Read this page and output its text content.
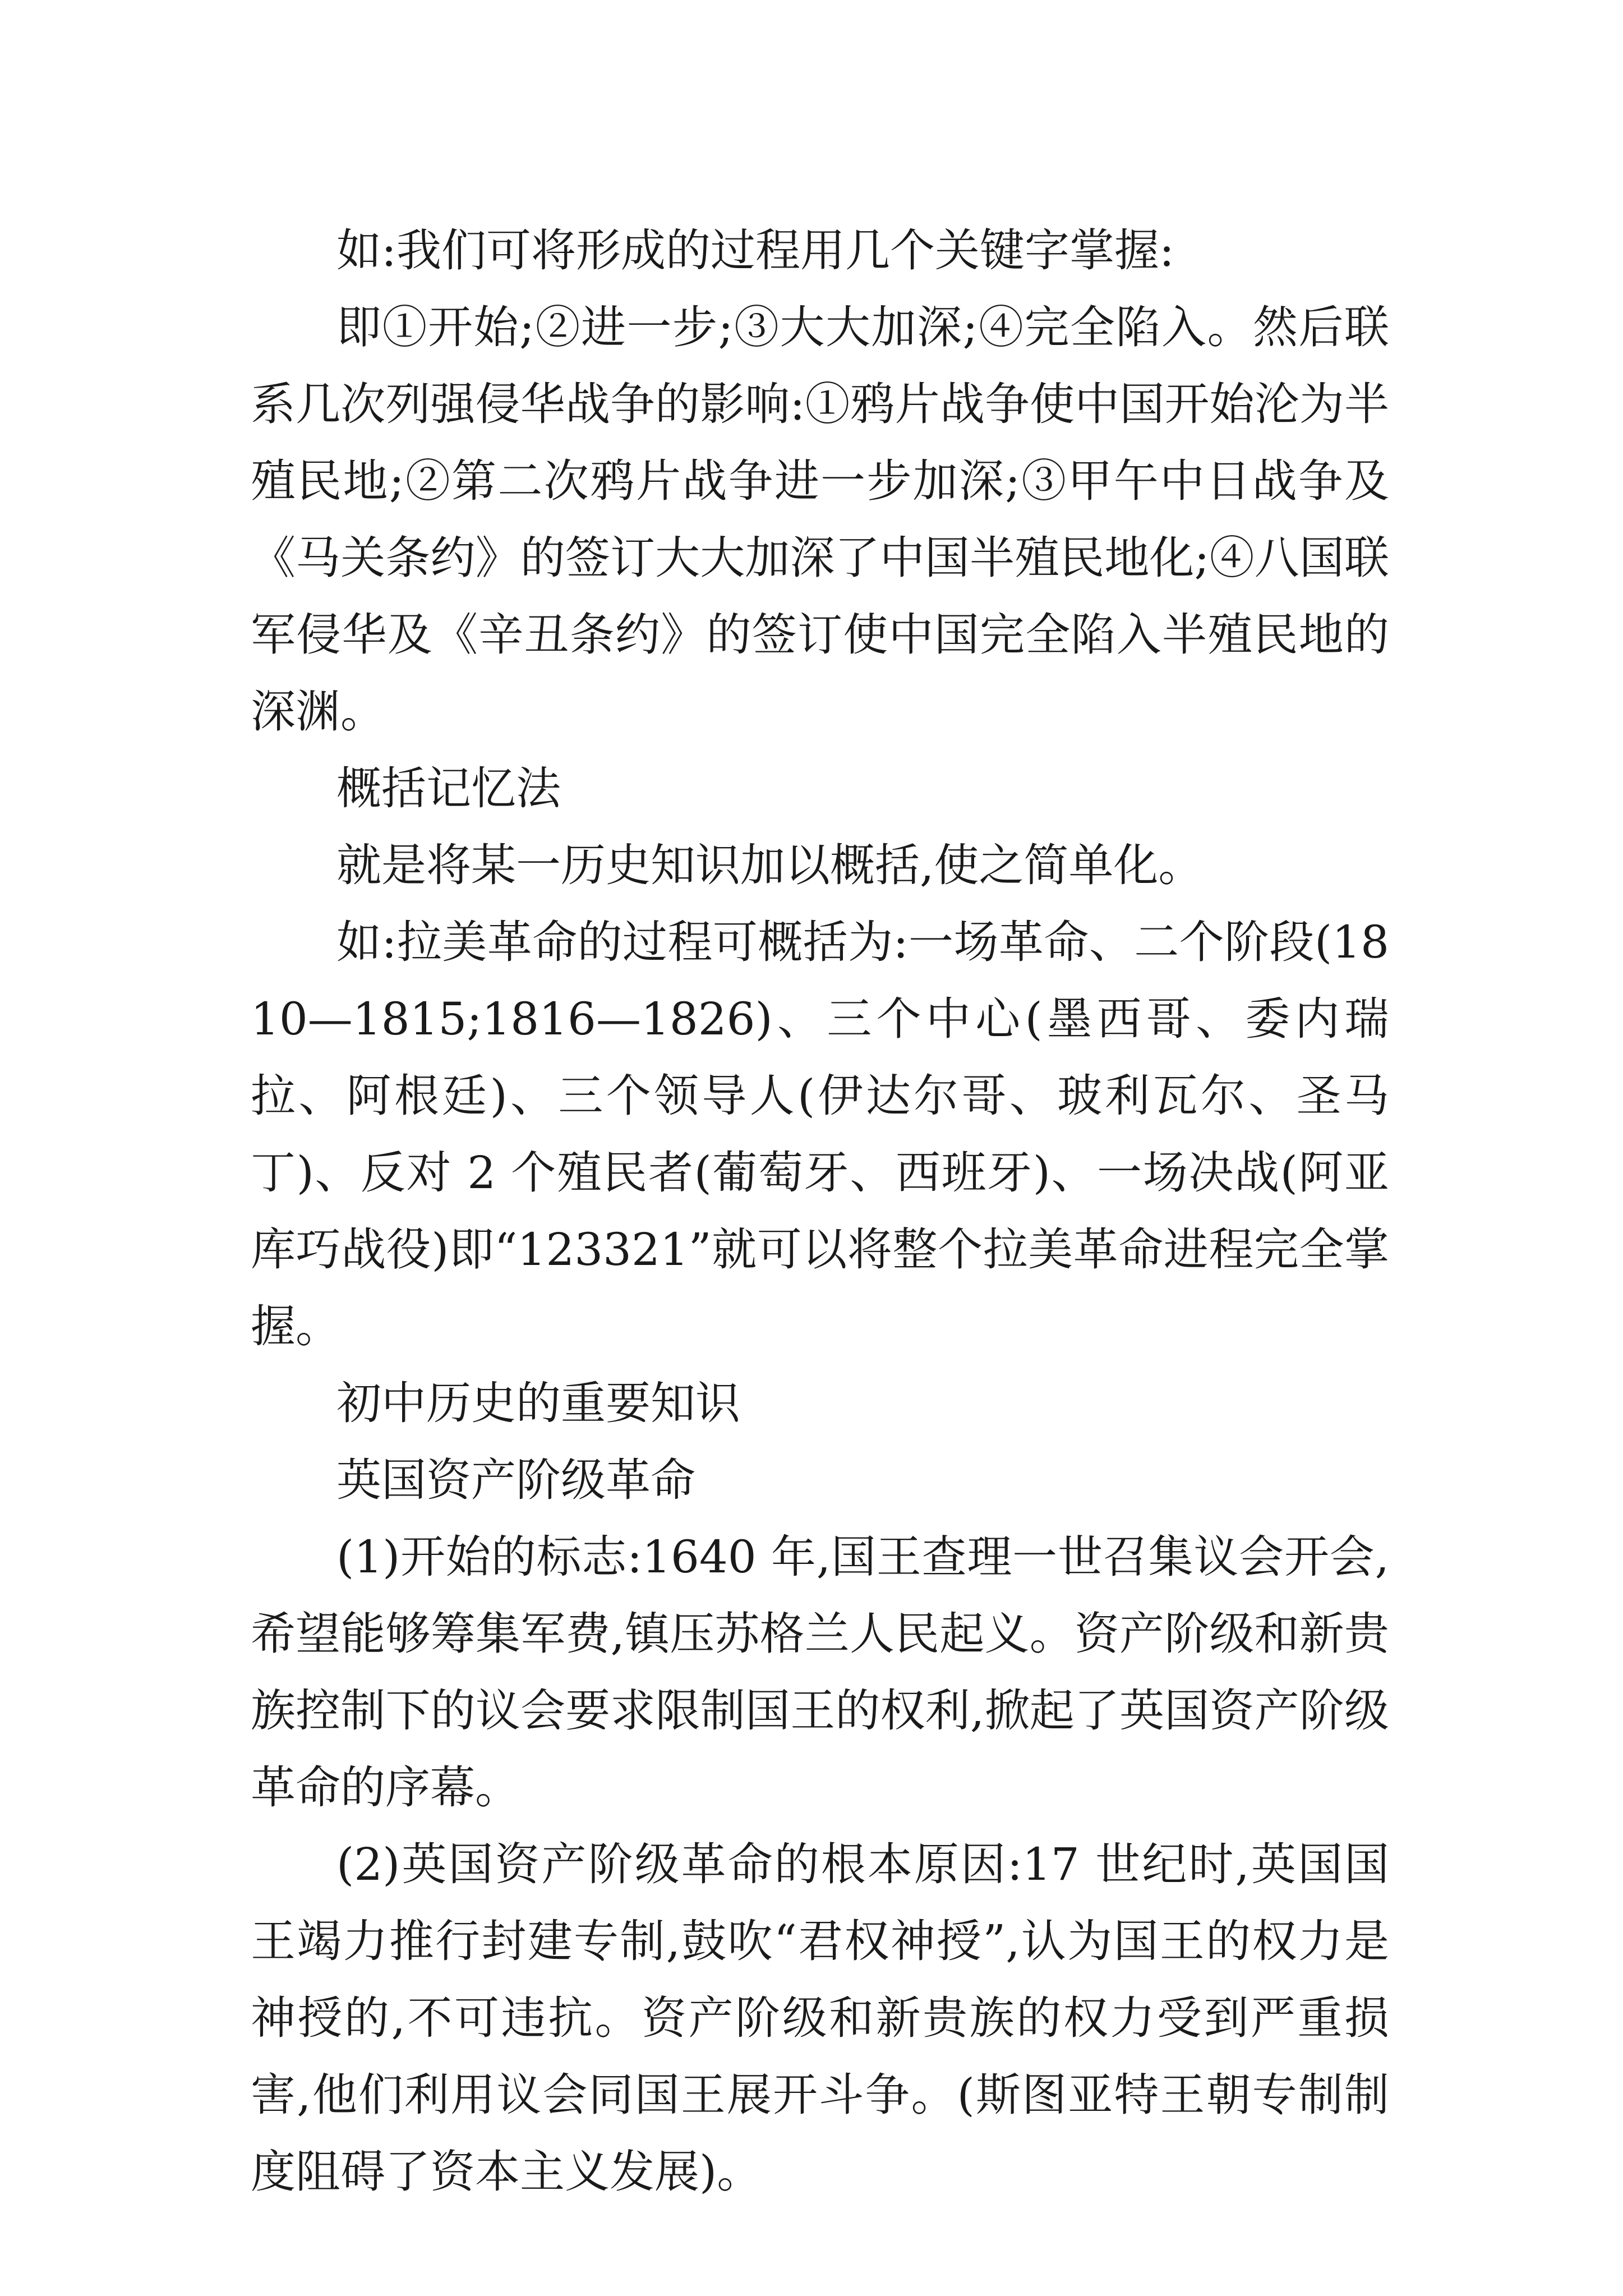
如:我们可将形成的过程用几个关键字掌握:

即①开始;②进一步;③大大加深;④完全陷入。然后联系几次列强侵华战争的影响:①鸦片战争使中国开始沦为半殖民地;②第二次鸦片战争进一步加深;③甲午中日战争及《马关条约》的签订大大加深了中国半殖民地化;④八国联军侵华及《辛丑条约》的签订使中国完全陷入半殖民地的深渊。

概括记忆法

就是将某一历史知识加以概括,使之简单化。

如:拉美革命的过程可概括为:一场革命、二个阶段(1810—1815;1816—1826)、三个中心(墨西哥、委内瑞拉、阿根廷)、三个领导人(伊达尔哥、玻利瓦尔、圣马丁)、反对 2 个殖民者(葡萄牙、西班牙)、一场决战(阿亚库巧战役)即“123321”就可以将整个拉美革命进程完全掌握。

初中历史的重要知识

英国资产阶级革命

(1)开始的标志:1640 年,国王查理一世召集议会开会,希望能够筹集军费,镇压苏格兰人民起义。资产阶级和新贵族控制下的议会要求限制国王的权利,掀起了英国资产阶级革命的序幕。

(2)英国资产阶级革命的根本原因:17 世纪时,英国国王竭力推行封建专制,鼓吹“君权神授”,认为国王的权力是神授的,不可违抗。资产阶级和新贵族的权力受到严重损害,他们利用议会同国王展开斗争。(斯图亚特王朝专制制度阻碍了资本主义发展)。
